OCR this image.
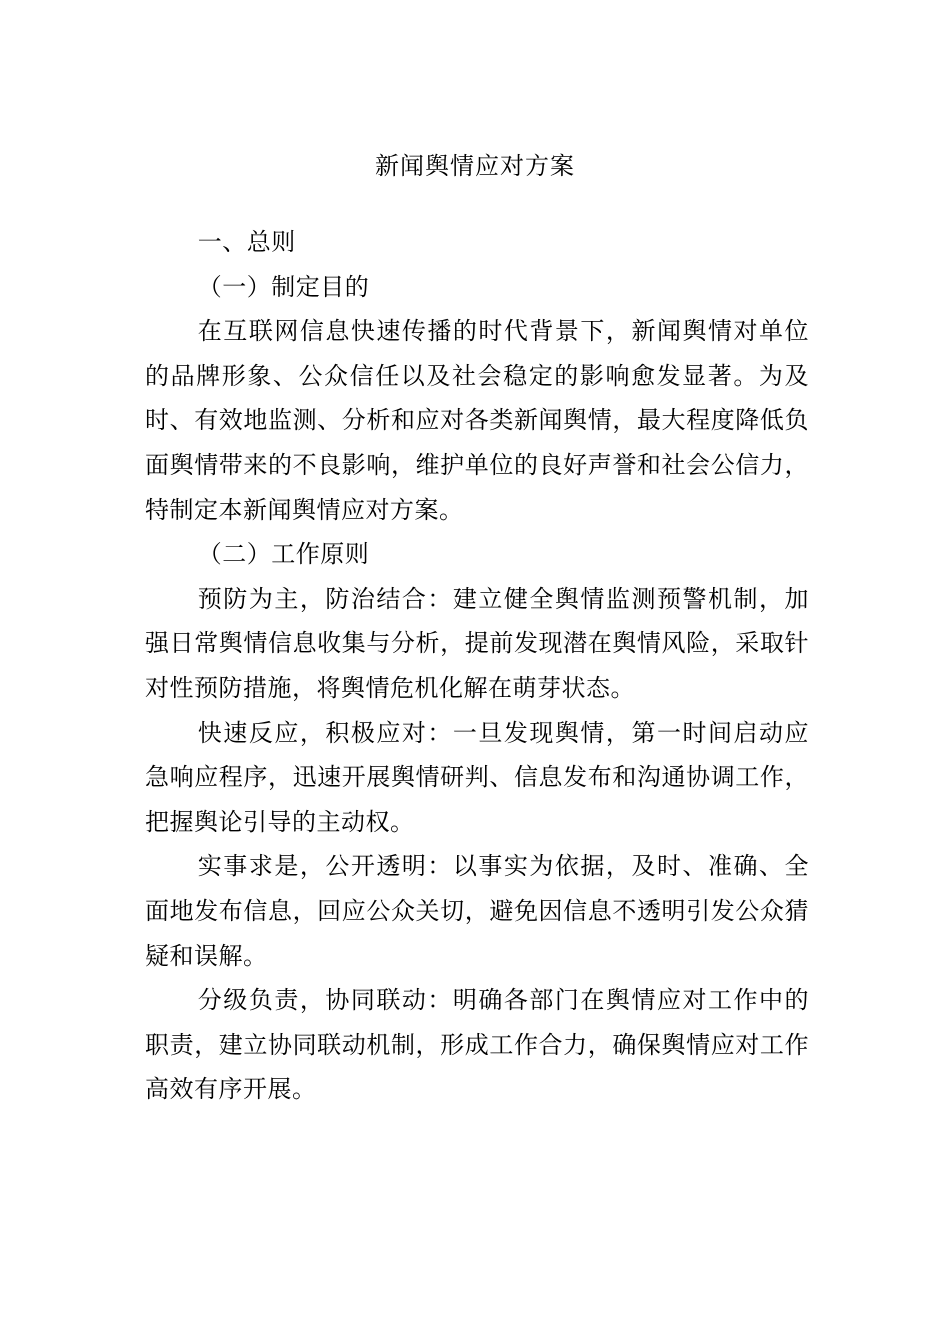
新闻舆情应对方案

一、总则

（一）制定目的

在互联网信息快速传播的时代背景下，新闻舆情对单位的品牌形象、公众信任以及社会稳定的影响愈发显著。为及时、有效地监测、分析和应对各类新闻舆情，最大程度降低负面舆情带来的不良影响，维护单位的良好声誉和社会公信力，特制定本新闻舆情应对方案。

（二）工作原则

预防为主，防治结合：建立健全舆情监测预警机制，加强日常舆情信息收集与分析，提前发现潜在舆情风险，采取针对性预防措施，将舆情危机化解在萌芽状态。

快速反应，积极应对：一旦发现舆情，第一时间启动应急响应程序，迅速开展舆情研判、信息发布和沟通协调工作，把握舆论引导的主动权。

实事求是，公开透明：以事实为依据，及时、准确、全面地发布信息，回应公众关切，避免因信息不透明引发公众猜疑和误解。

分级负责，协同联动：明确各部门在舆情应对工作中的职责，建立协同联动机制，形成工作合力，确保舆情应对工作高效有序开展。
